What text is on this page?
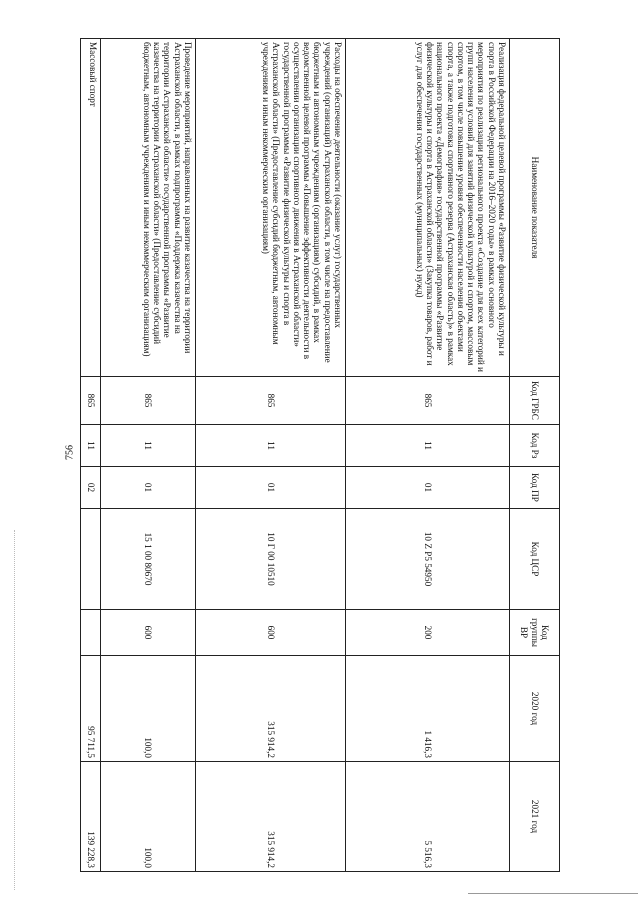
756
Наименование показателя	Код ГРБС	Код Рз	Код ПР	Код ЦСР	Код группы ВР	2020 год	2021 год
Реализация федеральной целевой программы «Развитие физической культуры и спорта в Российской Федерации на 2016–2020 годы» в рамках основного мероприятия по реализации регионального проекта «Создание для всех категорий и групп населения условий для занятий физической культурой и спортом, массовым спортом, в том числе повышение уровня обеспеченности населения объектами спорта, а также подготовка спортивного резерва (Астраханская область)» в рамках национального проекта «Демография» государственной программы «Развитие физической культуры и спорта в Астраханской области» (Закупка товаров, работ и услуг для обеспечения государственных (муниципальных) нужд)	865	11	01	10 Z P5 54950	200	1 416,3	5 516,3
Расходы на обеспечение деятельности (оказание услуг) государственных учреждений (организаций) Астраханской области, в том числе на предоставление бюджетным и автономным учреждениям (организациям) субсидий, в рамках ведомственной целевой программы «Повышение эффективности деятельности в осуществлении организации спортивного движения в Астраханской области» государственной программы «Развитие физической культуры и спорта в Астраханской области» (Предоставление субсидий бюджетным, автономным учреждениям и иным некоммерческим организациям)	865	11	01	10 Г 00 10510	600	315 914,2	315 914,2
Проведение мероприятий, направленных на развитие казачества на территории Астраханской области, в рамках подпрограммы «Поддержка казачества на территории Астраханской области» государственной программы «Развитие казачества на территории Астраханской области» (Предоставление субсидий бюджетным, автономным учреждениям и иным некоммерческим организациям)	865	11	01	15 1 00 80670	600	100,0	100,0
Массовый спорт	865	11	02			95 711,5	139 228,3
